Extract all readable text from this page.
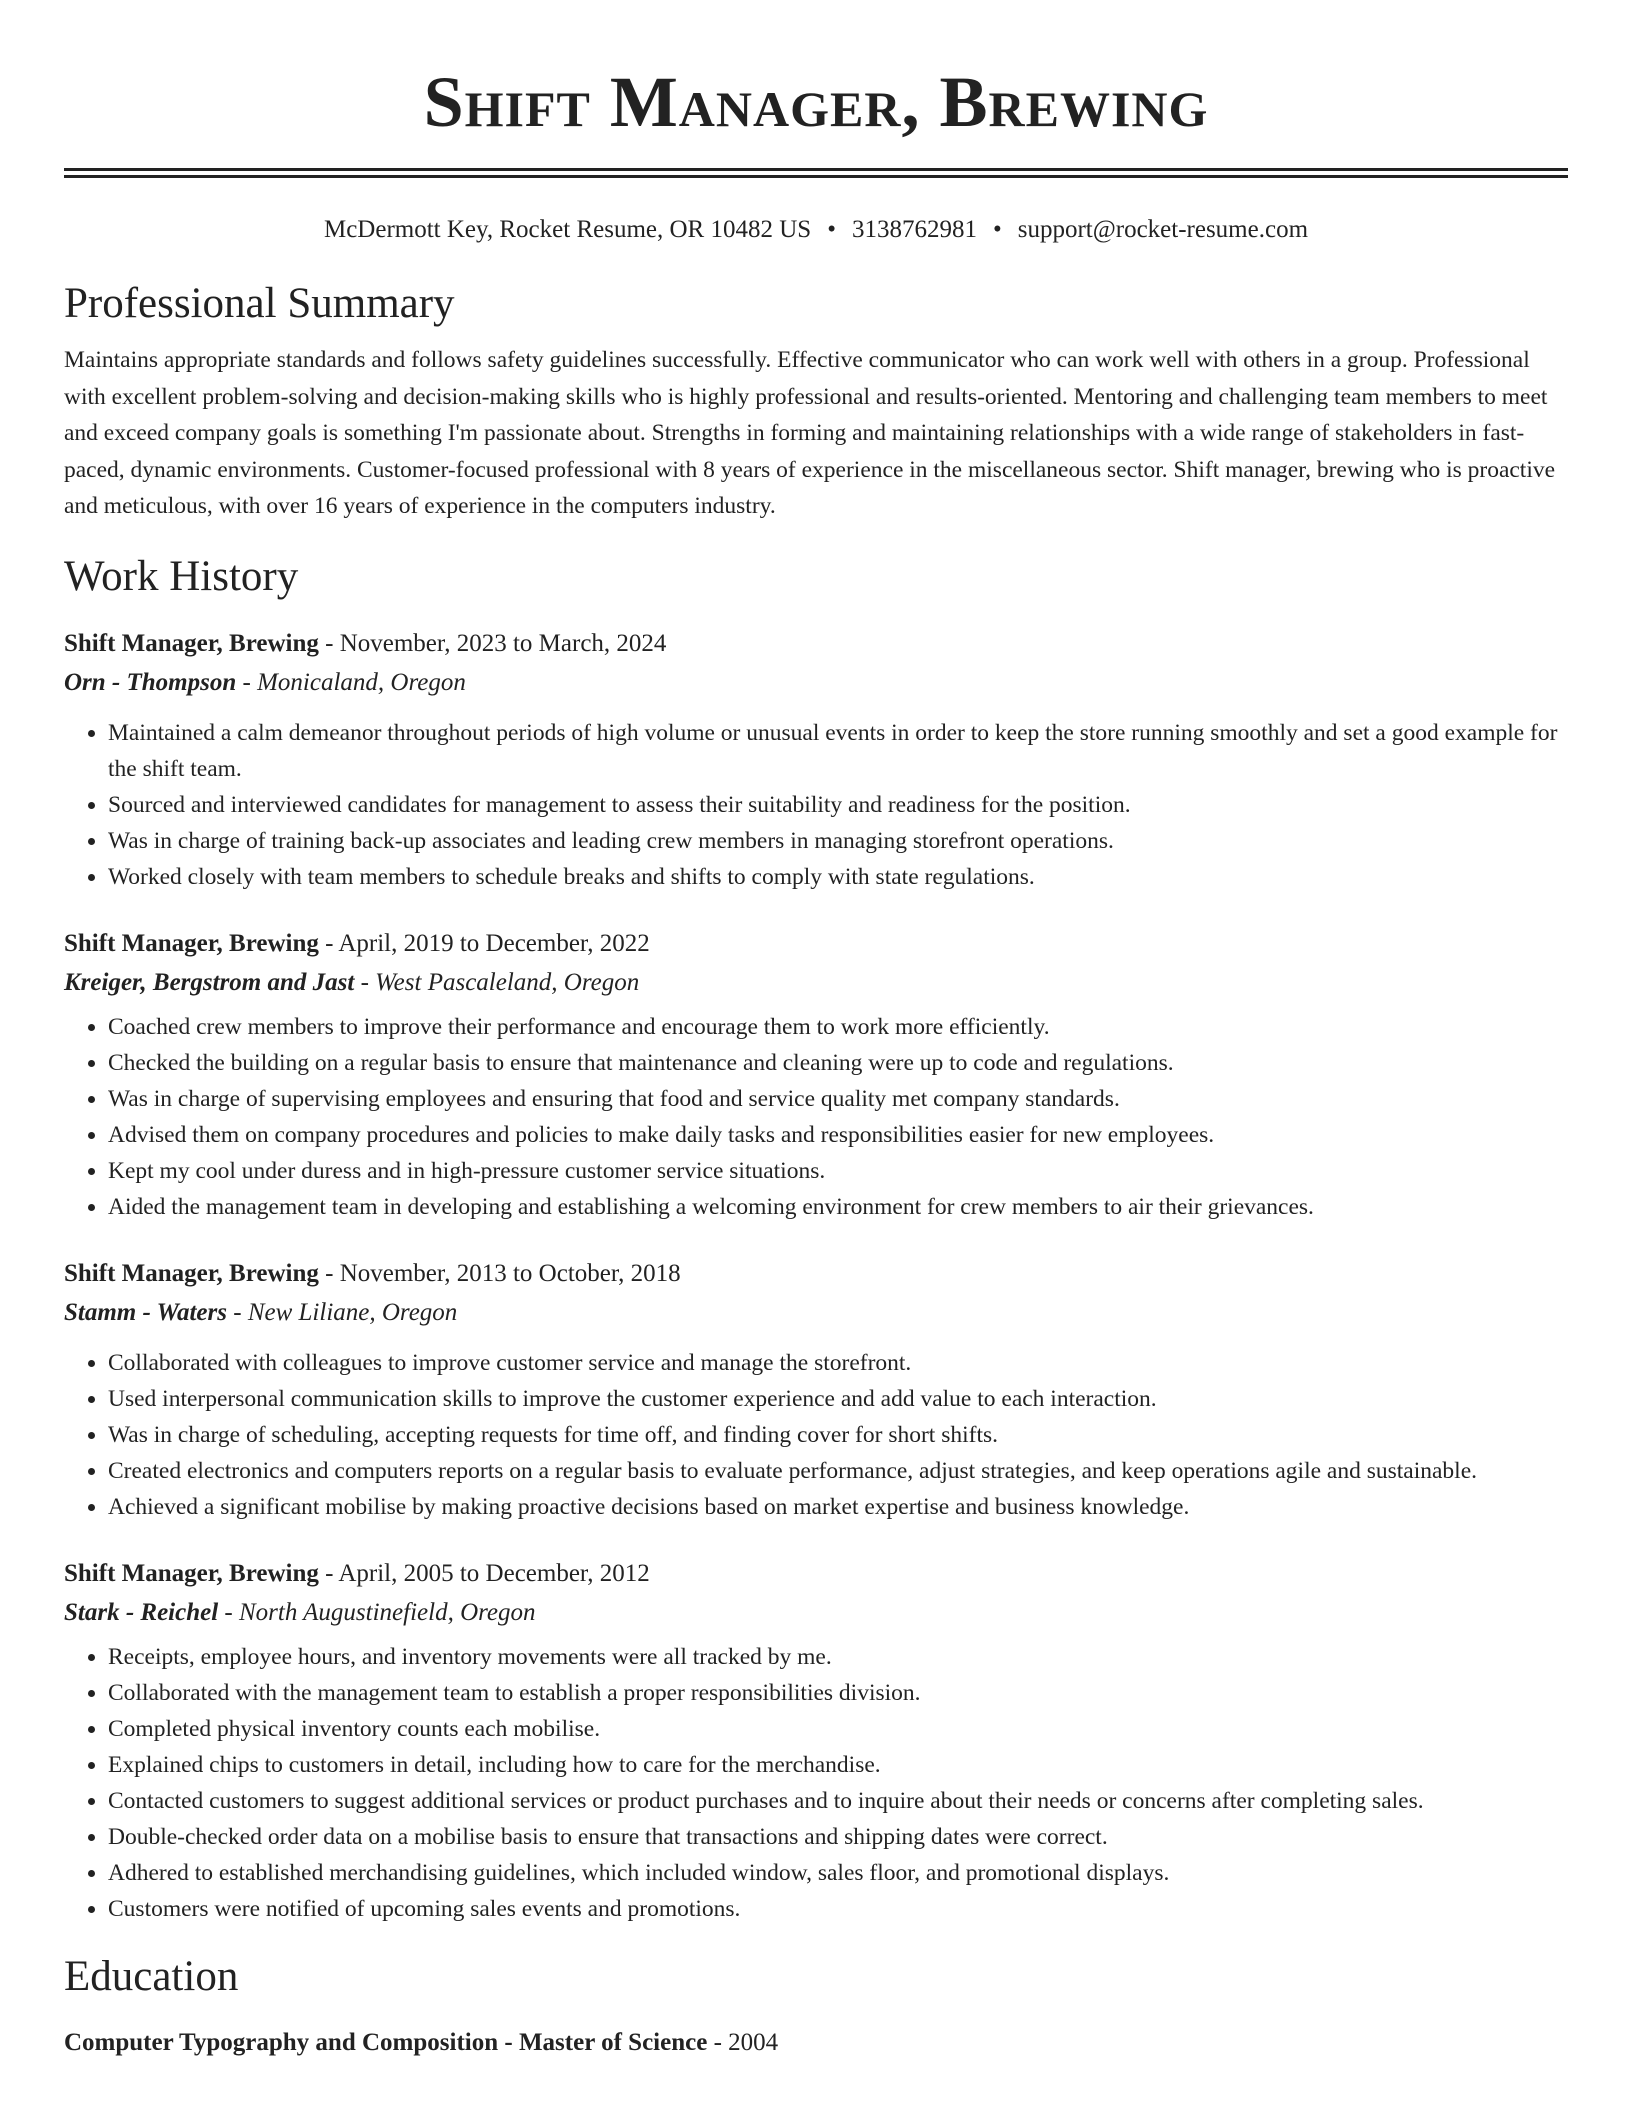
Shift Manager, Brewing
McDermott Key, Rocket Resume, OR 10482 US • 3138762981 • support@rocket-resume.com
Professional Summary

Maintains appropriate standards and follows safety guidelines successfully. Effective communicator who can work well with others in a group. Professional with excellent problem-solving and decision-making skills who is highly professional and results-oriented. Mentoring and challenging team members to meet and exceed company goals is something I'm passionate about. Strengths in forming and maintaining relationships with a wide range of stakeholders in fast-paced, dynamic environments. Customer-focused professional with 8 years of experience in the miscellaneous sector. Shift manager, brewing who is proactive and meticulous, with over 16 years of experience in the computers industry.

Work History
Shift Manager, Brewing - November, 2023 to March, 2024
Orn - Thompson - Monicaland, Oregon
• Maintained a calm demeanor throughout periods of high volume or unusual events in order to keep the store running smoothly and set a good example for the shift team.
• Sourced and interviewed candidates for management to assess their suitability and readiness for the position.
• Was in charge of training back-up associates and leading crew members in managing storefront operations.
• Worked closely with team members to schedule breaks and shifts to comply with state regulations.
Shift Manager, Brewing - April, 2019 to December, 2022
Kreiger, Bergstrom and Jast - West Pascaleland, Oregon
• Coached crew members to improve their performance and encourage them to work more efficiently.
• Checked the building on a regular basis to ensure that maintenance and cleaning were up to code and regulations.
• Was in charge of supervising employees and ensuring that food and service quality met company standards.
• Advised them on company procedures and policies to make daily tasks and responsibilities easier for new employees.
• Kept my cool under duress and in high-pressure customer service situations.
• Aided the management team in developing and establishing a welcoming environment for crew members to air their grievances.
Shift Manager, Brewing - November, 2013 to October, 2018
Stamm - Waters - New Liliane, Oregon
• Collaborated with colleagues to improve customer service and manage the storefront.
• Used interpersonal communication skills to improve the customer experience and add value to each interaction.
• Was in charge of scheduling, accepting requests for time off, and finding cover for short shifts.
• Created electronics and computers reports on a regular basis to evaluate performance, adjust strategies, and keep operations agile and sustainable.
• Achieved a significant mobilise by making proactive decisions based on market expertise and business knowledge.
Shift Manager, Brewing - April, 2005 to December, 2012
Stark - Reichel - North Augustinefield, Oregon
• Receipts, employee hours, and inventory movements were all tracked by me.
• Collaborated with the management team to establish a proper responsibilities division.
• Completed physical inventory counts each mobilise.
• Explained chips to customers in detail, including how to care for the merchandise.
• Contacted customers to suggest additional services or product purchases and to inquire about their needs or concerns after completing sales.
• Double-checked order data on a mobilise basis to ensure that transactions and shipping dates were correct.
• Adhered to established merchandising guidelines, which included window, sales floor, and promotional displays.
• Customers were notified of upcoming sales events and promotions.
Education
Computer Typography and Composition - Master of Science - 2004
